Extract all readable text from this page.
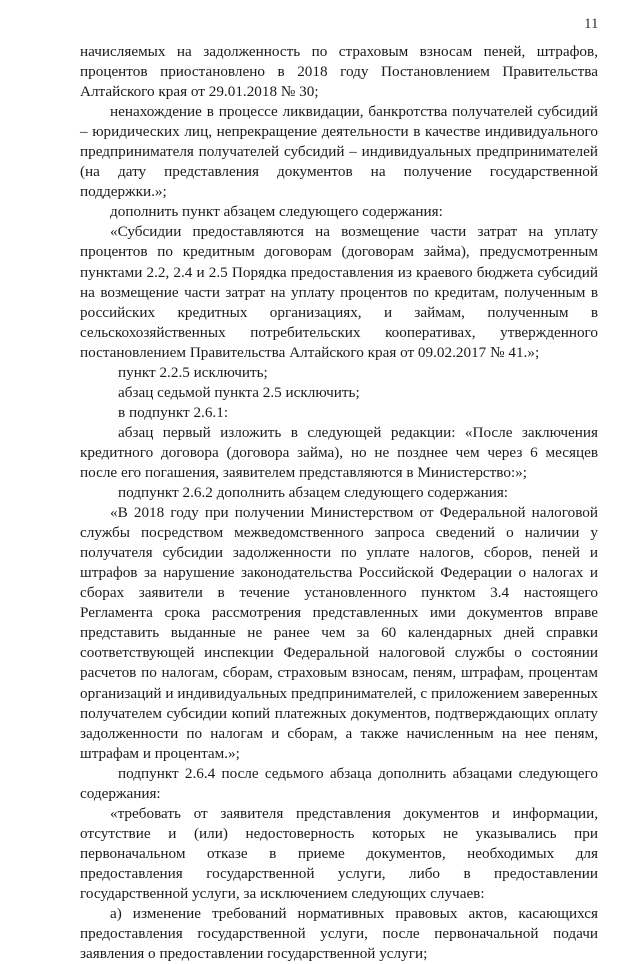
11

начисляемых на задолженность по страховым взносам пеней, штрафов, процентов приостановлено в 2018 году Постановлением Правительства Алтайского края от 29.01.2018 № 30;

ненахождение в процессе ликвидации, банкротства получателей субсидий – юридических лиц, непрекращение деятельности в качестве индивидуального предпринимателя получателей субсидий – индивидуальных предпринимателей (на дату представления документов на получение государственной поддержки.»;

дополнить пункт абзацем следующего содержания:

«Субсидии предоставляются на возмещение части затрат на уплату процентов по кредитным договорам (договорам займа), предусмотренным пунктами 2.2, 2.4 и 2.5 Порядка предоставления из краевого бюджета субсидий на возмещение части затрат на уплату процентов по кредитам, полученным в российских кредитных организациях, и займам, полученным в сельскохозяйственных потребительских кооперативах, утвержденного постановлением Правительства Алтайского края от 09.02.2017 № 41.»;

пункт 2.2.5 исключить;

абзац седьмой пункта 2.5 исключить;

в подпункт 2.6.1:

абзац первый изложить в следующей редакции: «После заключения кредитного договора (договора займа), но не позднее чем через 6 месяцев после его погашения, заявителем представляются в Министерство:»;

подпункт 2.6.2 дополнить абзацем следующего содержания:

«В 2018 году при получении Министерством от Федеральной налоговой службы посредством межведомственного запроса сведений о наличии у получателя субсидии задолженности по уплате налогов, сборов, пеней и штрафов за нарушение законодательства Российской Федерации о налогах и сборах заявители в течение установленного пунктом 3.4 настоящего Регламента срока рассмотрения представленных ими документов вправе представить выданные не ранее чем за 60 календарных дней справки соответствующей инспекции Федеральной налоговой службы о состоянии расчетов по налогам, сборам, страховым взносам, пеням, штрафам, процентам организаций и индивидуальных предпринимателей, с приложением заверенных получателем субсидии копий платежных документов, подтверждающих оплату задолженности по налогам и сборам, а также начисленным на нее пеням, штрафам и процентам.»;

подпункт 2.6.4 после седьмого абзаца дополнить абзацами следующего содержания:

«требовать от заявителя представления документов и информации, отсутствие и (или) недостоверность которых не указывались при первоначальном отказе в приеме документов, необходимых для предоставления государственной услуги, либо в предоставлении государственной услуги, за исключением следующих случаев:

а) изменение требований нормативных правовых актов, касающихся предоставления государственной услуги, после первоначальной подачи заявления о предоставлении государственной услуги;
